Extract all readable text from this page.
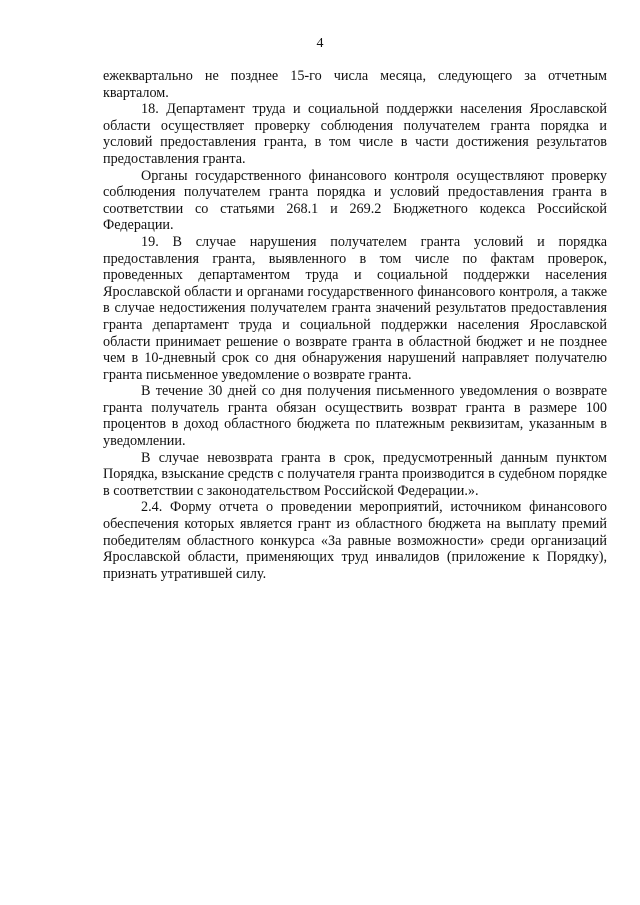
4

ежеквартально не позднее 15-го числа месяца, следующего за отчетным кварталом.

18. Департамент труда и социальной поддержки населения Ярославской области осуществляет проверку соблюдения получателем гранта порядка и условий предоставления гранта, в том числе в части достижения результатов предоставления гранта.

Органы государственного финансового контроля осуществляют проверку соблюдения получателем гранта порядка и условий предоставления гранта в соответствии со статьями 268.1 и 269.2 Бюджетного кодекса Российской Федерации.

19. В случае нарушения получателем гранта условий и порядка предоставления гранта, выявленного в том числе по фактам проверок, проведенных департаментом труда и социальной поддержки населения Ярославской области и органами государственного финансового контроля, а также в случае недостижения получателем гранта значений результатов предоставления гранта департамент труда и социальной поддержки населения Ярославской области принимает решение о возврате гранта в областной бюджет и не позднее чем в 10-дневный срок со дня обнаружения нарушений направляет получателю гранта письменное уведомление о возврате гранта.

В течение 30 дней со дня получения письменного уведомления о возврате гранта получатель гранта обязан осуществить возврат гранта в размере 100 процентов в доход областного бюджета по платежным реквизитам, указанным в уведомлении.

В случае невозврата гранта в срок, предусмотренный данным пунктом Порядка, взыскание средств с получателя гранта производится в судебном порядке в соответствии с законодательством Российской Федерации.».

2.4. Форму отчета о проведении мероприятий, источником финансового обеспечения которых является грант из областного бюджета на выплату премий победителям областного конкурса «За равные возможности» среди организаций Ярославской области, применяющих труд инвалидов (приложение к Порядку), признать утратившей силу.
